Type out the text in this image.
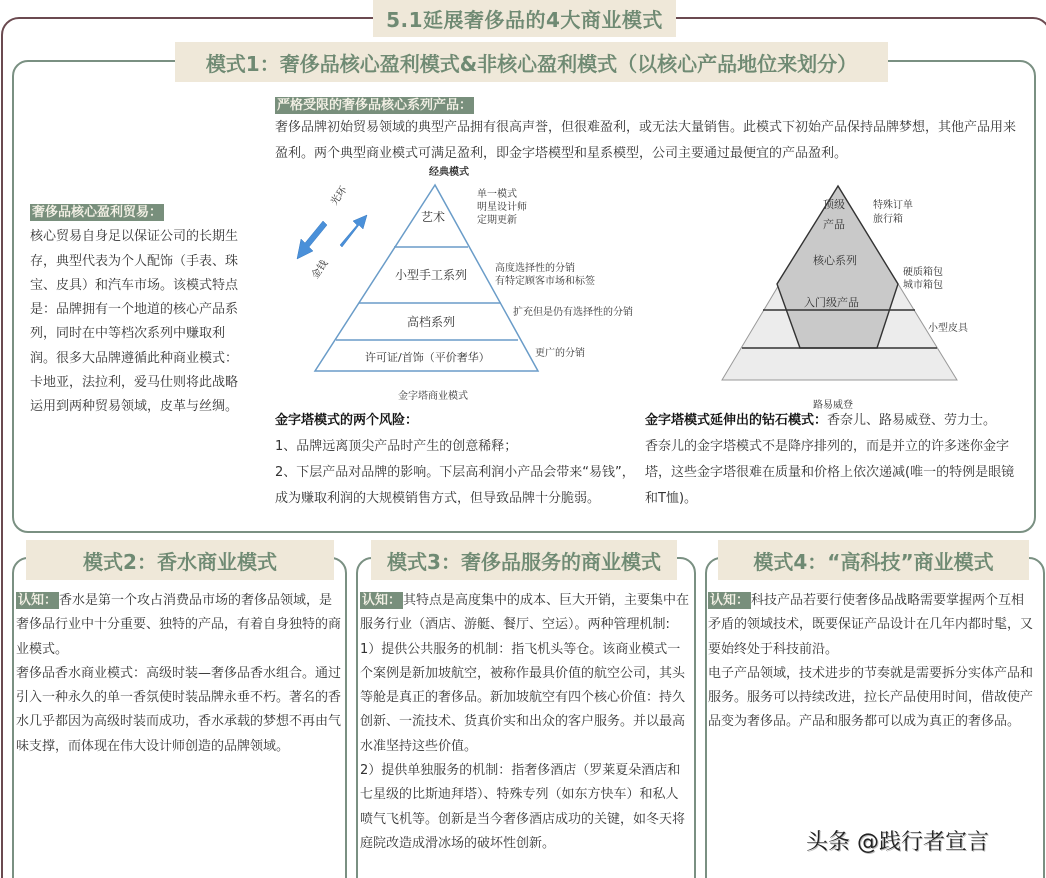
5.1延展奢侈品的4大商业模式
模式1：奢侈品核心盈利模式&非核心盈利模式（以核心产品地位来划分）
严格受限的奢侈品核心系列产品：
奢侈品牌初始贸易领域的典型产品拥有很高声誉，但很难盈利，或无法大量销售。此模式下初始产品保持品牌梦想，其他产品用来盈利。两个典型商业模式可满足盈利，即金字塔模型和星系模型，公司主要通过最便宜的产品盈利。
奢侈品核心盈利贸易：
核心贸易自身足以保证公司的长期生存，典型代表为个人配饰（手表、珠宝、皮具）和汽车市场。该模式特点是：品牌拥有一个地道的核心产品系列，同时在中等档次系列中赚取利润。很多大品牌遵循此种商业模式：卡地亚，法拉利，爱马仕则将此战略运用到两种贸易领域，皮革与丝绸。
经典模式
艺术
小型手工系列
高档系列
许可证/首饰（平价奢华）
单一模式
明星设计师
定期更新
高度选择性的分销
有特定顾客市场和标签
扩充但是仍有选择性的分销
更广的分销
金字塔商业模式
光环
金钱
顶级
产品
核心系列
入门级产品
特殊订单
旅行箱
硬质箱包
城市箱包
小型皮具
路易威登
金字塔模式的两个风险：
1、品牌远离顶尖产品时产生的创意稀释；
2、下层产品对品牌的影响。下层高利润小产品会带来“易钱”，成为赚取利润的大规模销售方式，但导致品牌十分脆弱。
金字塔模式延伸出的钻石模式：香奈儿、路易威登、劳力士。
香奈儿的金字塔模式不是降序排列的，而是并立的许多迷你金字塔，这些金字塔很难在质量和价格上依次递减(唯一的特例是眼镜和T恤)。
模式2：香水商业模式
认知： 香水是第一个攻占消费品市场的奢侈品领域，是奢侈品行业中十分重要、独特的产品，有着自身独特的商业模式。
奢侈品香水商业模式：高级时装—奢侈品香水组合。通过引入一种永久的单一香氛使时装品牌永垂不朽。著名的香水几乎都因为高级时装而成功，香水承载的梦想不再由气味支撑，而体现在伟大设计师创造的品牌领域。
模式3：奢侈品服务的商业模式
认知： 其特点是高度集中的成本、巨大开销，主要集中在服务行业（酒店、游艇、餐厅、空运）。两种管理机制:
1）提供公共服务的机制：指飞机头等仓。该商业模式一个案例是新加坡航空，被称作最具价值的航空公司，其头等舱是真正的奢侈品。新加坡航空有四个核心价值：持久创新、一流技术、货真价实和出众的客户服务。并以最高水准坚持这些价值。
2）提供单独服务的机制：指奢侈酒店（罗莱夏朵酒店和七星级的比斯迪拜塔）、特殊专列（如东方快车）和私人喷气飞机等。创新是当今奢侈酒店成功的关键，如冬天将庭院改造成滑冰场的破坏性创新。
模式4：“高科技”商业模式
认知： 科技产品若要行使奢侈品战略需要掌握两个互相矛盾的领域技术，既要保证产品设计在几年内都时髦，又要始终处于科技前沿。
电子产品领域，技术进步的节奏就是需要拆分实体产品和服务。服务可以持续改进，拉长产品使用时间，借故使产品变为奢侈品。产品和服务都可以成为真正的奢侈品。
头条 @践行者宣言
